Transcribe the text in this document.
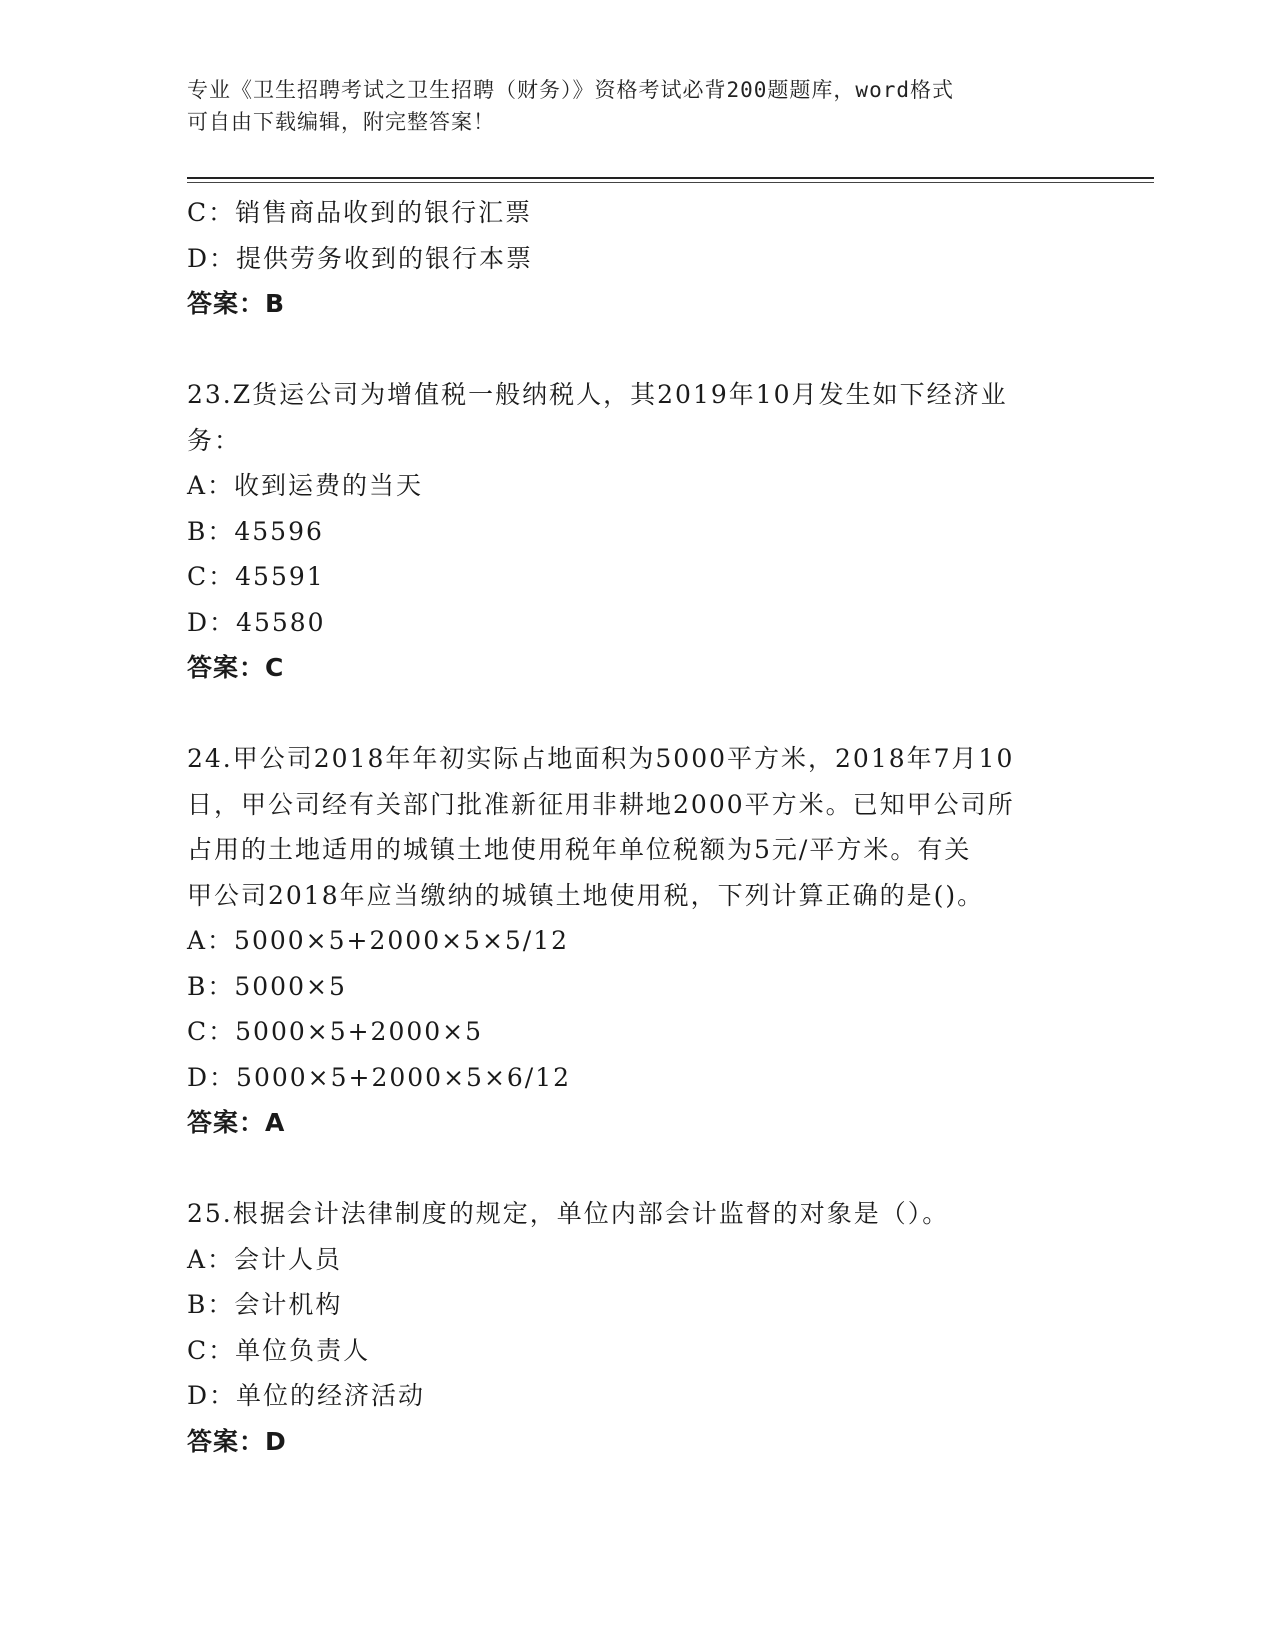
专业《卫生招聘考试之卫生招聘（财务）》资格考试必背200题题库，word格式
可自由下载编辑，附完整答案！
C：销售商品收到的银行汇票
D：提供劳务收到的银行本票
答案：B
23.Z货运公司为增值税一般纳税人，其2019年10月发生如下经济业
务：
A：收到运费的当天
B：45596
C：45591
D：45580
答案：C
24.甲公司2018年年初实际占地面积为5000平方米，2018年7月10
日，甲公司经有关部门批准新征用非耕地2000平方米。已知甲公司所
占用的土地适用的城镇土地使用税年单位税额为5元/平方米。有关
甲公司2018年应当缴纳的城镇土地使用税，下列计算正确的是()。
A：5000×5+2000×5×5/12
B：5000×5
C：5000×5+2000×5
D：5000×5+2000×5×6/12
答案：A
25.根据会计法律制度的规定，单位内部会计监督的对象是（）。
A：会计人员
B：会计机构
C：单位负责人
D：单位的经济活动
答案：D
